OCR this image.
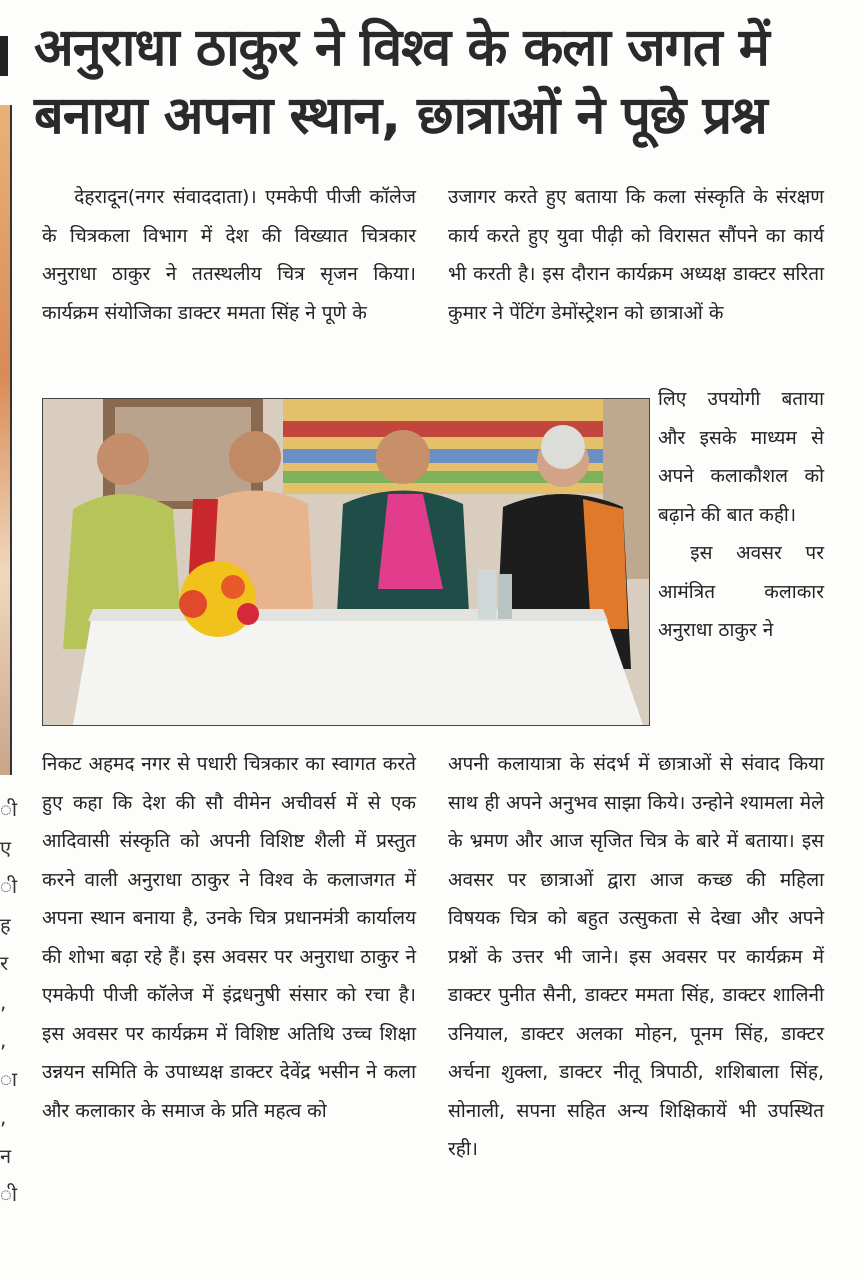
ी
ए
ी
ह
र
,
,
ा
,
न
ी
अनुराधा ठाकुर ने विश्व के कला जगत में
बनाया अपना स्थान, छात्राओं ने पूछे प्रश्न

देहरादून(नगर संवाददाता)। एमकेपी पीजी कॉलेज के चित्रकला विभाग में देश की विख्यात चित्रकार अनुराधा ठाकुर ने ततस्थलीय चित्र सृजन किया। कार्यक्रम संयोजिका डाक्टर ममता सिंह ने पूणे के

उजागर करते हुए बताया कि कला संस्कृति के संरक्षण कार्य करते हुए युवा पीढ़ी को विरासत सौंपने का कार्य भी करती है। इस दौरान कार्यक्रम अध्यक्ष डाक्टर सरिता कुमार ने पेंटिंग डेमोंस्ट्रेशन को छात्राओं के

लिए उपयोगी बताया और इसके माध्यम से अपने कलाकौशल को बढ़ाने की बात कही।

इस अवसर पर आमंत्रित कलाकार अनुराधा ठाकुर ने

निकट अहमद नगर से पधारी चित्रकार का स्वागत करते हुए कहा कि देश की सौ वीमेन अचीवर्स में से एक आदिवासी संस्कृति को अपनी विशिष्ट शैली में प्रस्तुत करने वाली अनुराधा ठाकुर ने विश्व के कलाजगत में अपना स्थान बनाया है, उनके चित्र प्रधानमंत्री कार्यालय की शोभा बढ़ा रहे हैं। इस अवसर पर अनुराधा ठाकुर ने एमकेपी पीजी कॉलेज में इंद्रधनुषी संसार को रचा है। इस अवसर पर कार्यक्रम में विशिष्ट अतिथि उच्च शिक्षा उन्नयन समिति के उपाध्यक्ष डाक्टर देवेंद्र भसीन ने कला और कलाकार के समाज के प्रति महत्व को

अपनी कलायात्रा के संदर्भ में छात्राओं से संवाद किया साथ ही अपने अनुभव साझा किये। उन्होने श्यामला मेले के भ्रमण और आज सृजित चित्र के बारे में बताया। इस अवसर पर छात्राओं द्वारा आज कच्छ की महिला विषयक चित्र को बहुत उत्सुकता से देखा और अपने प्रश्नों के उत्तर भी जाने। इस अवसर पर कार्यक्रम में डाक्टर पुनीत सैनी, डाक्टर ममता सिंह, डाक्टर शालिनी उनियाल, डाक्टर अलका मोहन, पूनम सिंह, डाक्टर अर्चना शुक्ला, डाक्टर नीतू त्रिपाठी, शशिबाला सिंह, सोनाली, सपना सहित अन्य शिक्षिकायें भी उपस्थित रही।
